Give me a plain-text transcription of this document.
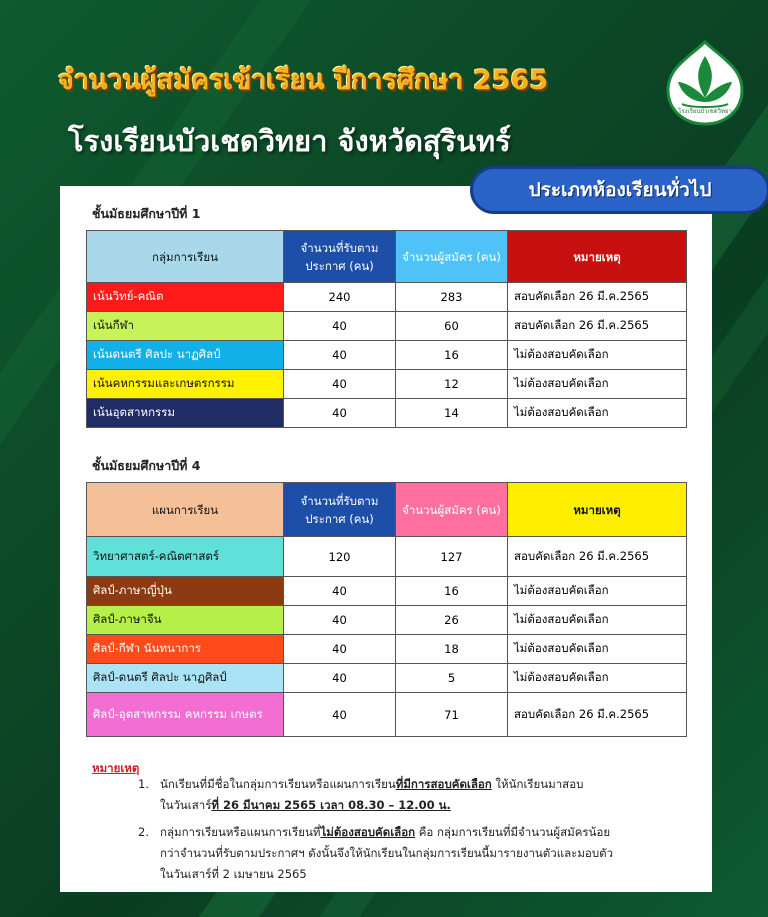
จำนวนผู้สมัครเข้าเรียน ปีการศึกษา 2565
โรงเรียนบัวเชดวิทยา จังหวัดสุรินทร์
โรงเรียนบัวเชดวิทยา
ประเภทห้องเรียนทั่วไป
ชั้นมัธยมศึกษาปีที่ 1
กลุ่มการเรียน	จำนวนที่รับตามประกาศ (คน)	จำนวนผู้สมัคร (คน)	หมายเหตุ
เน้นวิทย์-คณิต	240	283	สอบคัดเลือก 26 มี.ค.2565
เน้นกีฬา	40	60	สอบคัดเลือก 26 มี.ค.2565
เน้นดนตรี ศิลปะ นาฏศิลป์	40	16	ไม่ต้องสอบคัดเลือก
เน้นคหกรรมและเกษตรกรรม	40	12	ไม่ต้องสอบคัดเลือก
เน้นอุตสาหกรรม	40	14	ไม่ต้องสอบคัดเลือก
ชั้นมัธยมศึกษาปีที่ 4
แผนการเรียน	จำนวนที่รับตามประกาศ (คน)	จำนวนผู้สมัคร (คน)	หมายเหตุ
วิทยาศาสตร์-คณิตศาสตร์	120	127	สอบคัดเลือก 26 มี.ค.2565
ศิลป์-ภาษาญี่ปุ่น	40	16	ไม่ต้องสอบคัดเลือก
ศิลป์-ภาษาจีน	40	26	ไม่ต้องสอบคัดเลือก
ศิลป์-กีฬา นันทนาการ	40	18	ไม่ต้องสอบคัดเลือก
ศิลป์-ดนตรี ศิลปะ นาฏศิลป์	40	5	ไม่ต้องสอบคัดเลือก
ศิลป์-อุตสาหกรรม คหกรรม เกษตร	40	71	สอบคัดเลือก 26 มี.ค.2565
หมายเหตุ
1. นักเรียนที่มีชื่อในกลุ่มการเรียนหรือแผนการเรียนที่มีการสอบคัดเลือก ให้นักเรียนมาสอบ
ในวันเสาร์ที่ 26 มีนาคม 2565 เวลา 08.30 – 12.00 น.
2. กลุ่มการเรียนหรือแผนการเรียนที่ไม่ต้องสอบคัดเลือก คือ กลุ่มการเรียนที่มีจำนวนผู้สมัครน้อย
กว่าจำนวนที่รับตามประกาศฯ ดังนั้นจึงให้นักเรียนในกลุ่มการเรียนนี้มารายงานตัวและมอบตัว
ในวันเสาร์ที่ 2 เมษายน 2565
